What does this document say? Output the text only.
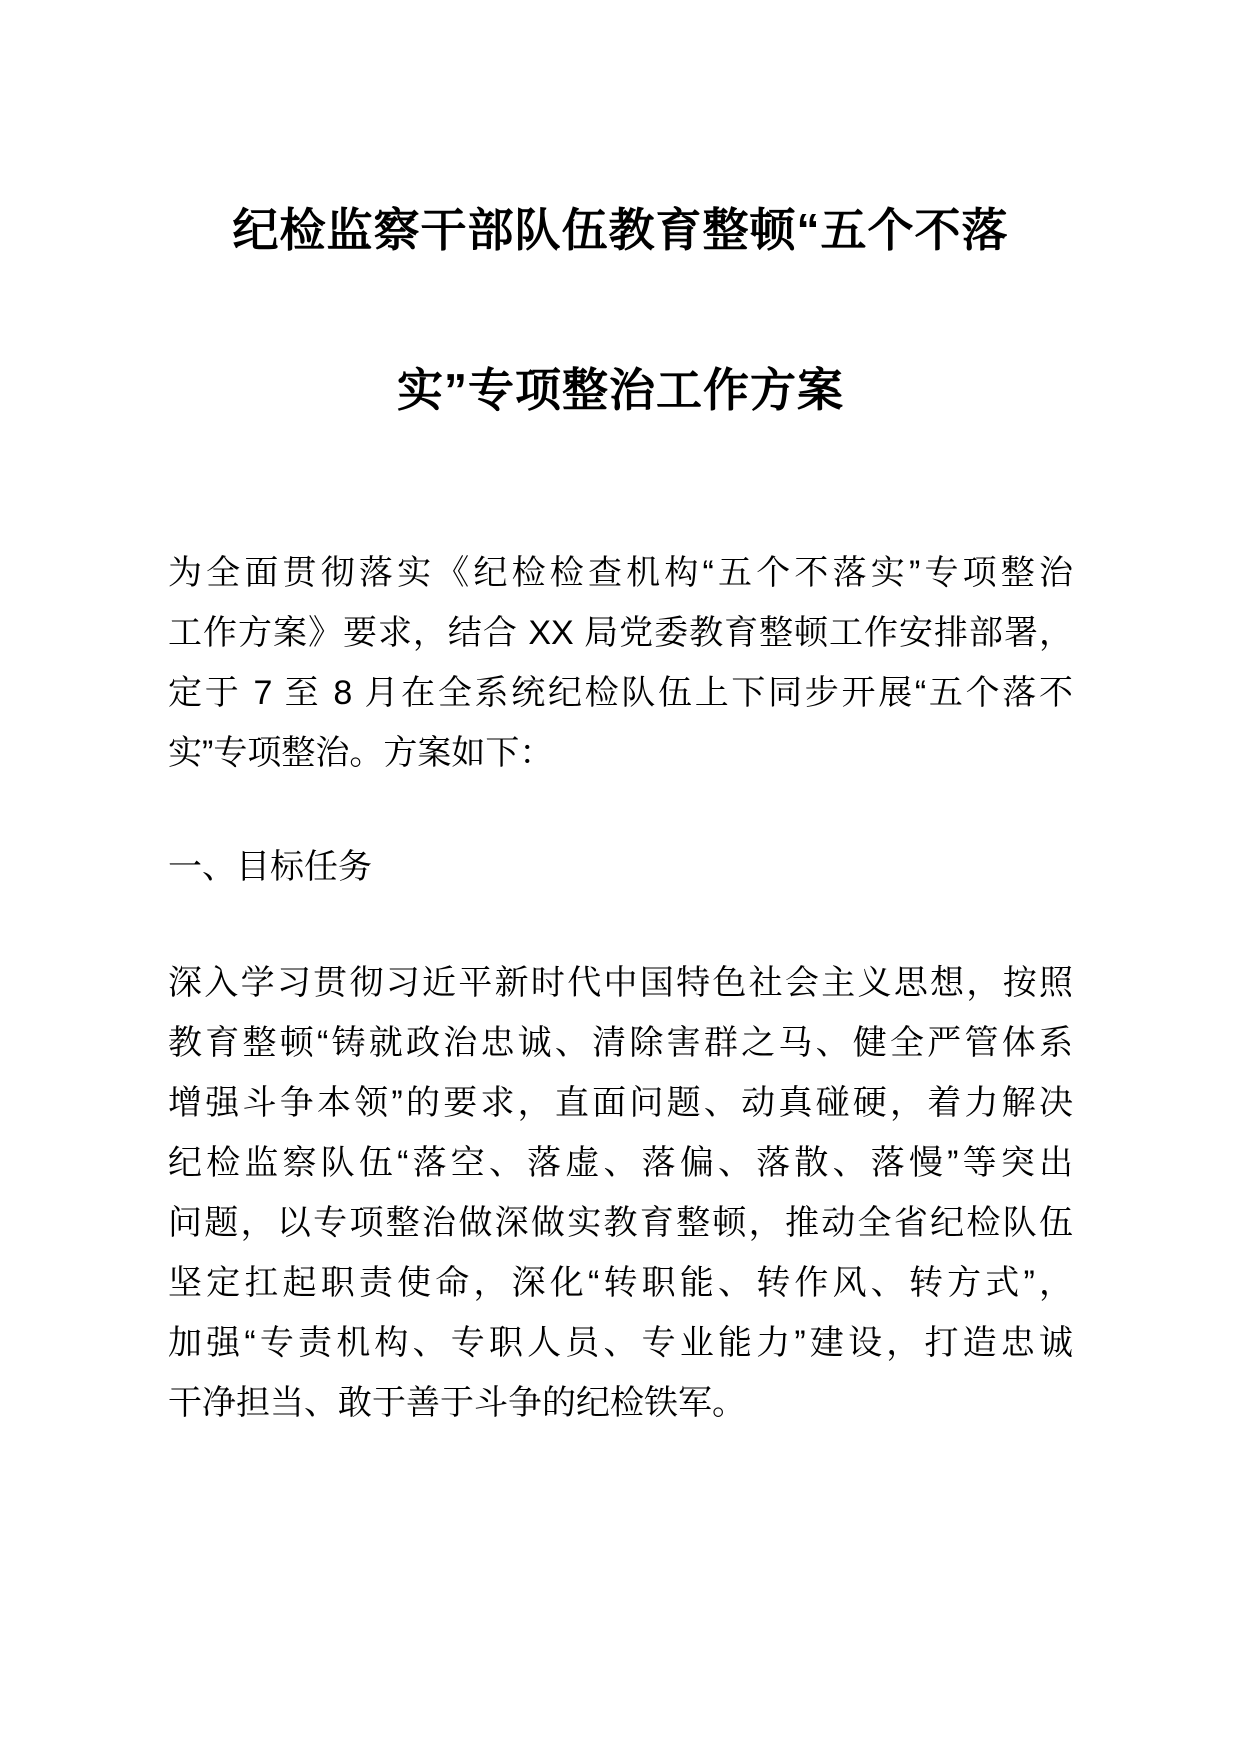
纪检监察干部队伍教育整顿“五个不落
实”专项整治工作方案
为全面贯彻落实《纪检检查机构“五个不落实”专项整治
工作方案》要求，结合 XX 局党委教育整顿工作安排部署，
定于 7 至 8 月在全系统纪检队伍上下同步开展“五个落不
实”专项整治。方案如下：
一、目标任务
深入学习贯彻习近平新时代中国特色社会主义思想，按照
教育整顿“铸就政治忠诚、清除害群之马、健全严管体系
增强斗争本领”的要求，直面问题、动真碰硬，着力解决
纪检监察队伍“落空、落虚、落偏、落散、落慢”等突出
问题，以专项整治做深做实教育整顿，推动全省纪检队伍
坚定扛起职责使命，深化“转职能、转作风、转方式”，
加强“专责机构、专职人员、专业能力”建设，打造忠诚
干净担当、敢于善于斗争的纪检铁军。
